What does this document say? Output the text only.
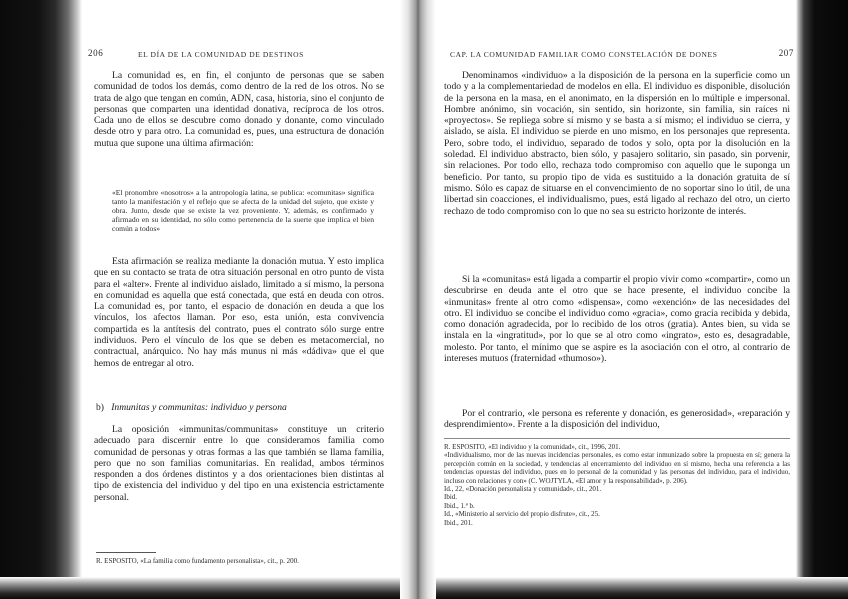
206	EL DÍA DE LA COMUNIDAD DE DESTINOS

La comunidad es, en fin, el conjunto de personas que se saben comunidad de todos los demás, como dentro de la red de los otros. No se trata de algo que tengan en común, ADN, casa, historia, sino el conjunto de personas que comparten una identidad donativa, recíproca de los otros. Cada uno de ellos se descubre como donado y donante, como vinculado desde otro y para otro. La comunidad es, pues, una estructura de donación mutua que supone una última afirmación:

«El pronombre «nosotros» a la antropología latina, se publica: «comunitas» significa tanto la manifestación y el reflejo que se afecta de la unidad del sujeto, que existe y obra. Junto, desde que se existe la vez proveniente. Y, además, es confirmado y afirmado en su identidad, no sólo como pertenencia de la suerte que implica el bien común a todos»

Esta afirmación se realiza mediante la donación mutua. Y esto implica que en su contacto se trata de otra situación personal en otro punto de vista para el «alter». Frente al individuo aislado, limitado a sí mismo, la persona en comunidad es aquella que está conectada, que está en deuda con otros. La comunidad es, por tanto, el espacio de donación en deuda a que los vínculos, los afectos llaman. Por eso, esta unión, esta convivencia compartida es la antítesis del contrato, pues el contrato sólo surge entre individuos. Pero el vínculo de los que se deben es metacomercial, no contractual, anárquico. No hay más munus ni más «dádiva» que el que hemos de entregar al otro.

b) Inmunitas y communitas: individuo y persona

La oposición «immunitas/communitas» constituye un criterio adecuado para discernir entre lo que consideramos familia como comunidad de personas y otras formas a las que también se llama familia, pero que no son familias comunitarias. En realidad, ambos términos responden a dos órdenes distintos y a dos orientaciones bien distintas al tipo de existencia del individuo y del tipo en una existencia estrictamente personal.

R. ESPOSITO, «La familia como fundamento personalista», cit., p. 200.

CAP. LA COMUNIDAD FAMILIAR COMO CONSTELACIÓN DE DONES	207

Denominamos «individuo» a la disposición de la persona en la superficie como un todo y a la complementariedad de modelos en ella. El individuo es disponible, disolución de la persona en la masa, en el anonimato, en la dispersión en lo múltiple e impersonal. Hombre anónimo, sin vocación, sin sentido, sin horizonte, sin familia, sin raíces ni «proyectos». Se repliega sobre sí mismo y se basta a sí mismo; el individuo se cierra, y aislado, se aísla. El individuo se pierde en uno mismo, en los personajes que representa. Pero, sobre todo, el individuo, separado de todos y solo, opta por la disolución en la soledad. El individuo abstracto, bien sólo, y pasajero solitario, sin pasado, sin porvenir, sin relaciones. Por todo ello, rechaza todo compromiso con aquello que le suponga un beneficio. Por tanto, su propio tipo de vida es sustituido a la donación gratuita de sí mismo. Sólo es capaz de situarse en el convencimiento de no soportar sino lo útil, de una libertad sin coacciones, el individualismo, pues, está ligado al rechazo del otro, un cierto rechazo de todo compromiso con lo que no sea su estricto horizonte de interés.

Si la «comunitas» está ligada a compartir el propio vivir como «compartir», como un descubrirse en deuda ante el otro que se hace presente, el individuo concibe la «inmunitas» frente al otro como «dispensa», como «exención» de las necesidades del otro. El individuo se concibe el individuo como «gracia», como gracia recibida y debida, como donación agradecida, por lo recibido de los otros (gratia). Antes bien, su vida se instala en la «ingratitud», por lo que se al otro como «ingrato», esto es, desagradable, molesto. Por tanto, el mínimo que se aspire es la asociación con el otro, al contrario de intereses mutuos (fraternidad «thumoso»).

Por el contrario, «le persona es referente y donación, es generosidad», «reparación y desprendimiento». Frente a la disposición del individuo,

R. ESPOSITO, «El individuo y la comunidad», cit., 1996, 201.
«Individualismo, mor de las nuevas incidencias personales, es como estar inmunizado sobre la propuesta en sí; genera la percepción común en la sociedad, y tendencias al encerramiento del individuo en sí mismo, hecha una referencia a las tendencias opuestas del individuo, pues en lo personal de la comunidad y las personas del individuo, para el individuo, incluso con relaciones y con» (C. WOJTYLA, «El amor y la responsabilidad», p. 206).
Id., 22, «Donación personalista y comunidad», cit., 201.
Ibid.
Ibid., 1.ª b.
Id., «Ministerio al servicio del propio disfrute», cit., 25.
Ibid., 201.
